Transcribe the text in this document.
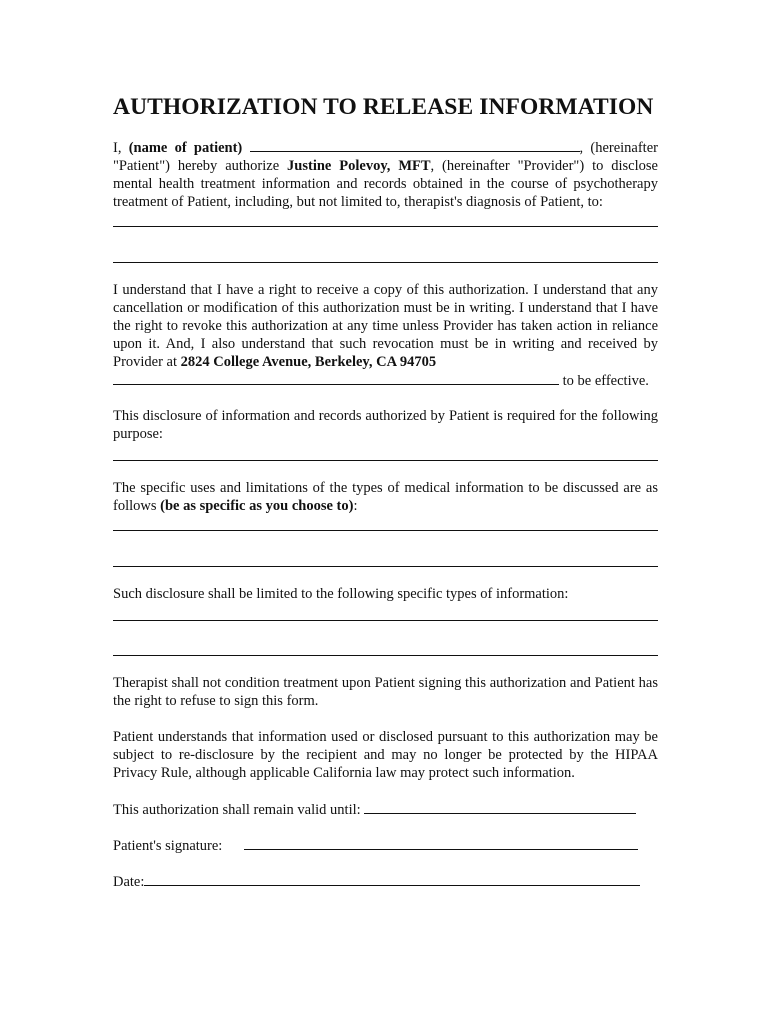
AUTHORIZATION TO RELEASE INFORMATION

I, (name of patient)	, (hereinafter "Patient") hereby authorize Justine Polevoy, MFT, (hereinafter "Provider") to disclose mental health treatment information and records obtained in the course of psychotherapy treatment of Patient, including, but not limited to, therapist's diagnosis of Patient, to:

I understand that I have a right to receive a copy of this authorization. I understand that any cancellation or modification of this authorization must be in writing. I understand that I have the right to revoke this authorization at any time unless Provider has taken action in reliance upon it. And, I also understand that such revocation must be in writing and received by Provider at 2824 College Avenue, Berkeley, CA 94705

to be effective.

This disclosure of information and records authorized by Patient is required for the following purpose:

The specific uses and limitations of the types of medical information to be discussed are as follows (be as specific as you choose to):

Such disclosure shall be limited to the following specific types of information:

Therapist shall not condition treatment upon Patient signing this authorization and Patient has the right to refuse to sign this form.

Patient understands that information used or disclosed pursuant to this authorization may be subject to re-disclosure by the recipient and may no longer be protected by the HIPAA Privacy Rule, although applicable California law may protect such information.

This authorization shall remain valid until:
Patient's signature:
Date:
